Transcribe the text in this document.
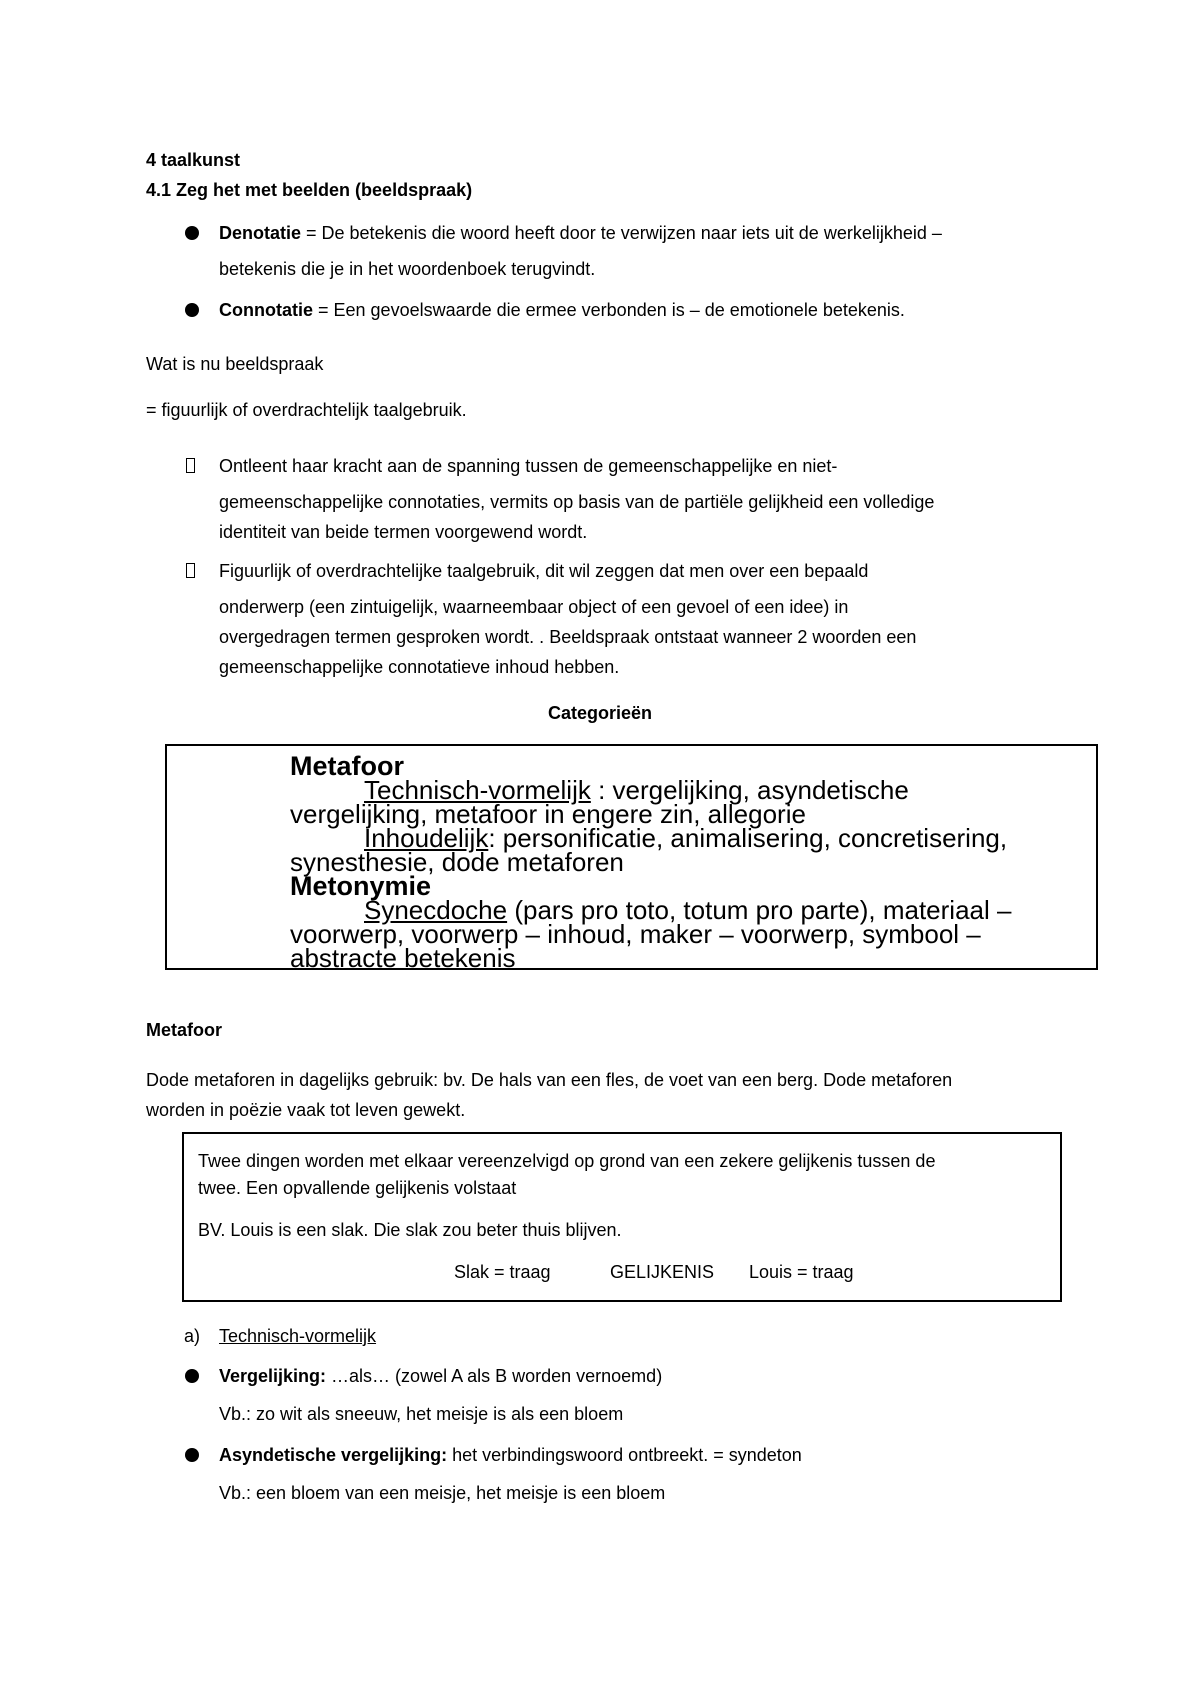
4 taalkunst
4.1 Zeg het met beelden (beeldspraak)
Denotatie = De betekenis die woord heeft door te verwijzen naar iets uit de werkelijkheid –
betekenis die je in het woordenboek terugvindt.
Connotatie = Een gevoelswaarde die ermee verbonden is – de emotionele betekenis.
Wat is nu beeldspraak
= figuurlijk of overdrachtelijk taalgebruik.
Ontleent haar kracht aan de spanning tussen de gemeenschappelijke en niet-
gemeenschappelijke connotaties, vermits op basis van de partiële gelijkheid een volledige
identiteit van beide termen voorgewend wordt.
Figuurlijk of overdrachtelijke taalgebruik, dit wil zeggen dat men over een bepaald
onderwerp (een zintuigelijk, waarneembaar object of een gevoel of een idee) in
overgedragen termen gesproken wordt. . Beeldspraak ontstaat wanneer 2 woorden een
gemeenschappelijke connotatieve inhoud hebben.
Categorieën
Metafoor
Technisch-vormelijk : vergelijking, asyndetische
vergelijking, metafoor in engere zin, allegorie
Inhoudelijk: personificatie, animalisering, concretisering,
synesthesie, dode metaforen
Metonymie
Synecdoche (pars pro toto, totum pro parte), materiaal –
voorwerp, voorwerp – inhoud, maker – voorwerp, symbool –
abstracte betekenis
Metafoor
Dode metaforen in dagelijks gebruik: bv. De hals van een fles, de voet van een berg. Dode metaforen
worden in poëzie vaak tot leven gewekt.
Twee dingen worden met elkaar vereenzelvigd op grond van een zekere gelijkenis tussen de
twee. Een opvallende gelijkenis volstaat
BV. Louis is een slak. Die slak zou beter thuis blijven.
Slak = traag	GELIJKENIS Louis = traag
a) Technisch-vormelijk
Vergelijking: …als… (zowel A als B worden vernoemd)
Vb.: zo wit als sneeuw, het meisje is als een bloem
Asyndetische vergelijking: het verbindingswoord ontbreekt. = syndeton
Vb.: een bloem van een meisje, het meisje is een bloem
